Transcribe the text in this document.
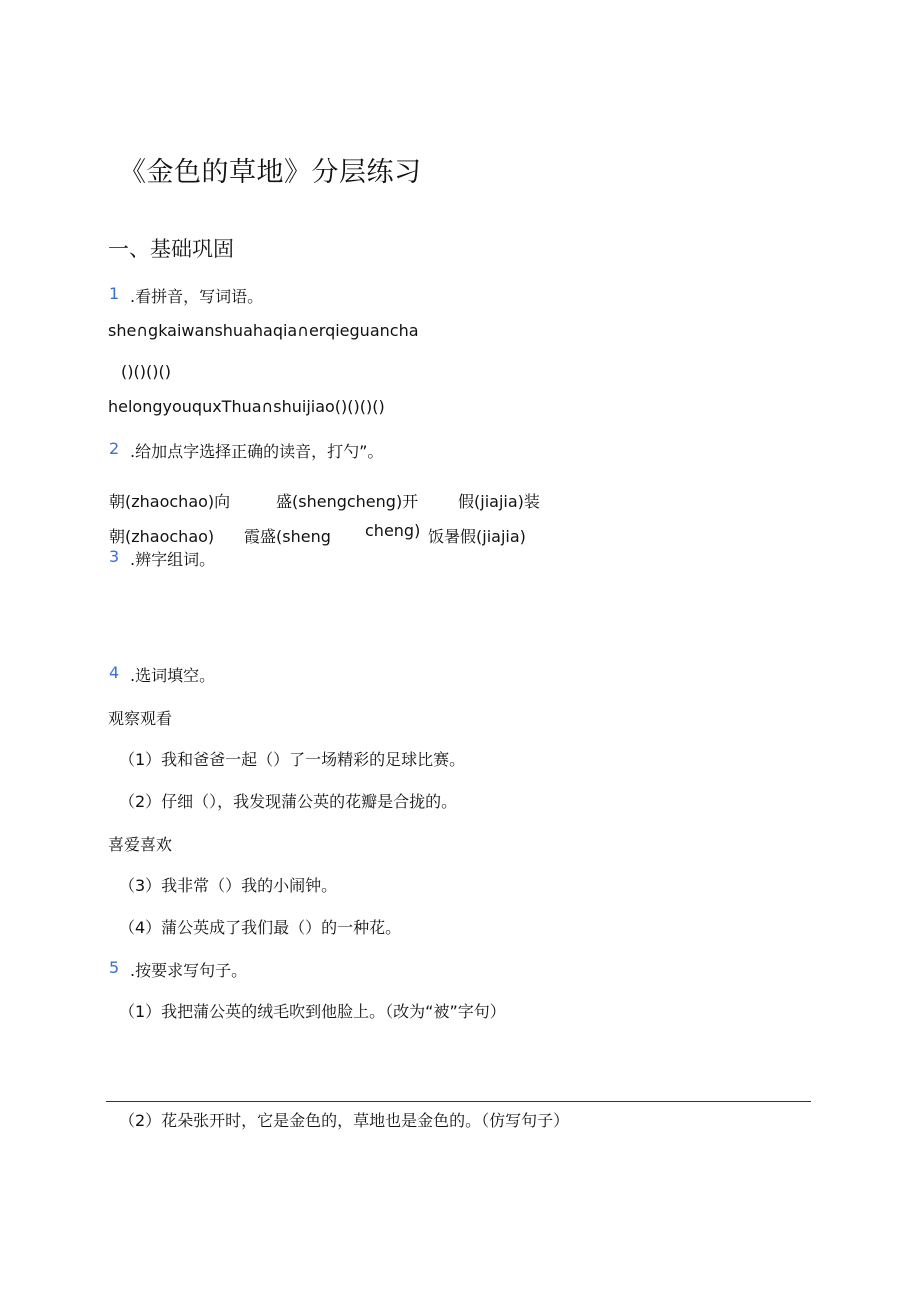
《金色的草地》分层练习
一、基础巩固
1 .看拼音，写词语。
she∩gkaiwanshuahaqia∩erqieguancha
()()()()
helongyouquxThua∩shuijiao()()()()
2 .给加点字选择正确的读音，打勺”。
朝(zhaochao)向	盛(shengcheng)开 假(jiajia)装
朝(zhaochao) 霞盛(sheng cheng) 饭暑假(jiajia)
3 .辨字组词。
4 .选词填空。
观察观看
（1）我和爸爸一起（）了一场精彩的足球比赛。
（2）仔细（），我发现蒲公英的花瓣是合拢的。
喜爱喜欢
（3）我非常（）我的小闹钟。
（4）蒲公英成了我们最（）的一种花。
5 .按要求写句子。
（1）我把蒲公英的绒毛吹到他脸上。（改为“被”字句）
（2）花朵张开时，它是金色的，草地也是金色的。（仿写句子）
